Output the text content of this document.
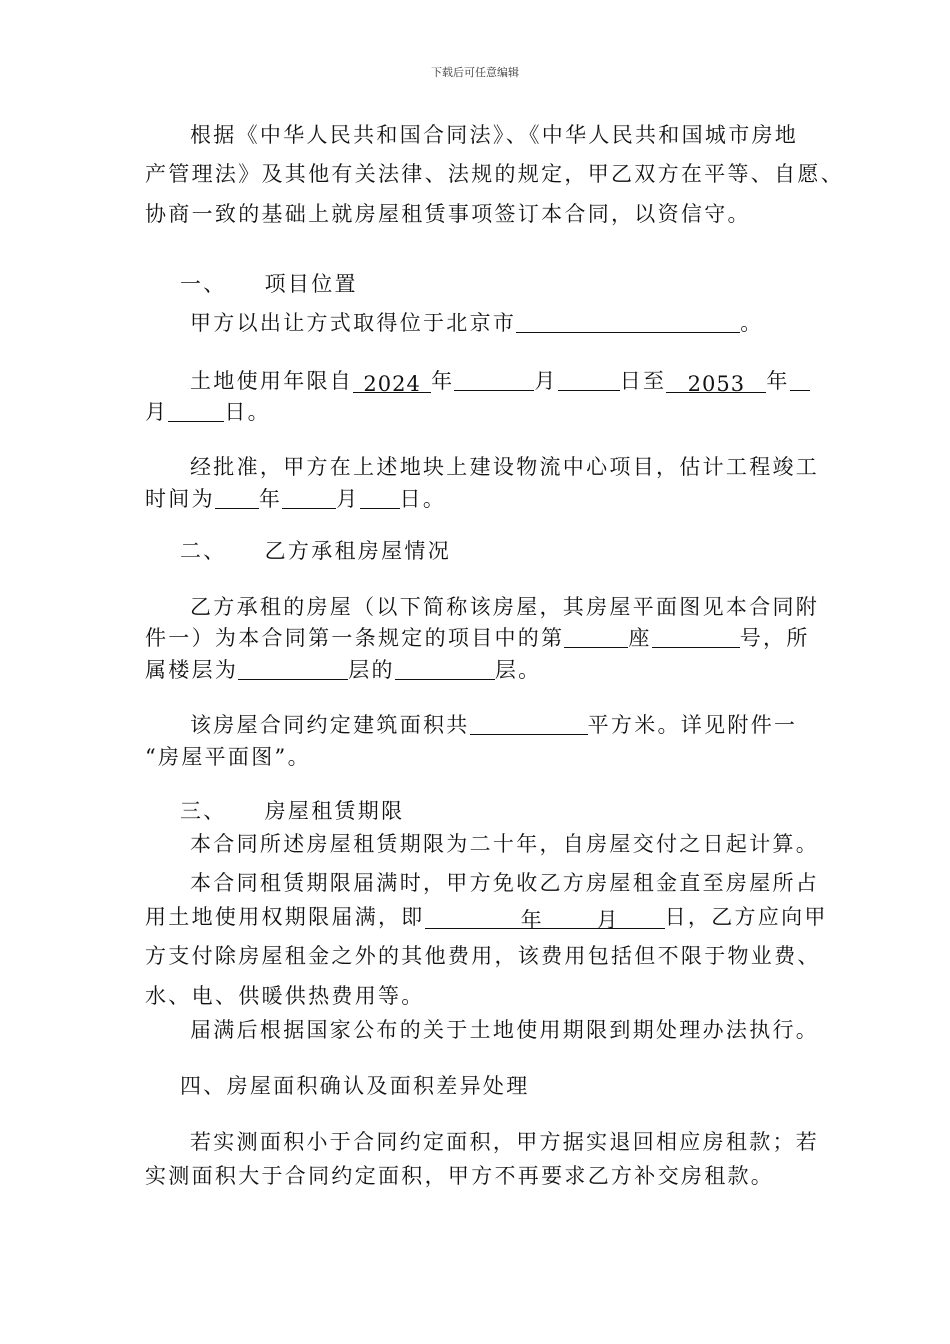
下载后可任意编辑
根据《中华人民共和国合同法》、《中华人民共和国城市房地
产管理法》及其他有关法律、法规的规定，甲乙双方在平等、自愿、
协商一致的基础上就房屋租赁事项签订本合同，以资信守。
一、 项目位置
甲方以出让方式取得位于北京市	。
土地使用年限自 2024 年	月	日至 2053 年
月	日。
经批准，甲方在上述地块上建设物流中心项目，估计工程竣工
时间为 年	月 日。
二、 乙方承租房屋情况
乙方承租的房屋（以下简称该房屋，其房屋平面图见本合同附
件一）为本合同第一条规定的项目中的第	座	号，所
属楼层为	层的	层。
该房屋合同约定建筑面积共	平方米。详见附件一
“房屋平面图”。
三、 房屋租赁期限
本合同所述房屋租赁期限为二十年，自房屋交付之日起计算。
本合同租赁期限届满时，甲方免收乙方房屋租金直至房屋所占
用土地使用权期限届满，即	年	月 日，乙方应向甲
方支付除房屋租金之外的其他费用，该费用包括但不限于物业费、
水、电、供暖供热费用等。
届满后根据国家公布的关于土地使用期限到期处理办法执行。
四、房屋面积确认及面积差异处理
若实测面积小于合同约定面积，甲方据实退回相应房租款；若
实测面积大于合同约定面积，甲方不再要求乙方补交房租款。
